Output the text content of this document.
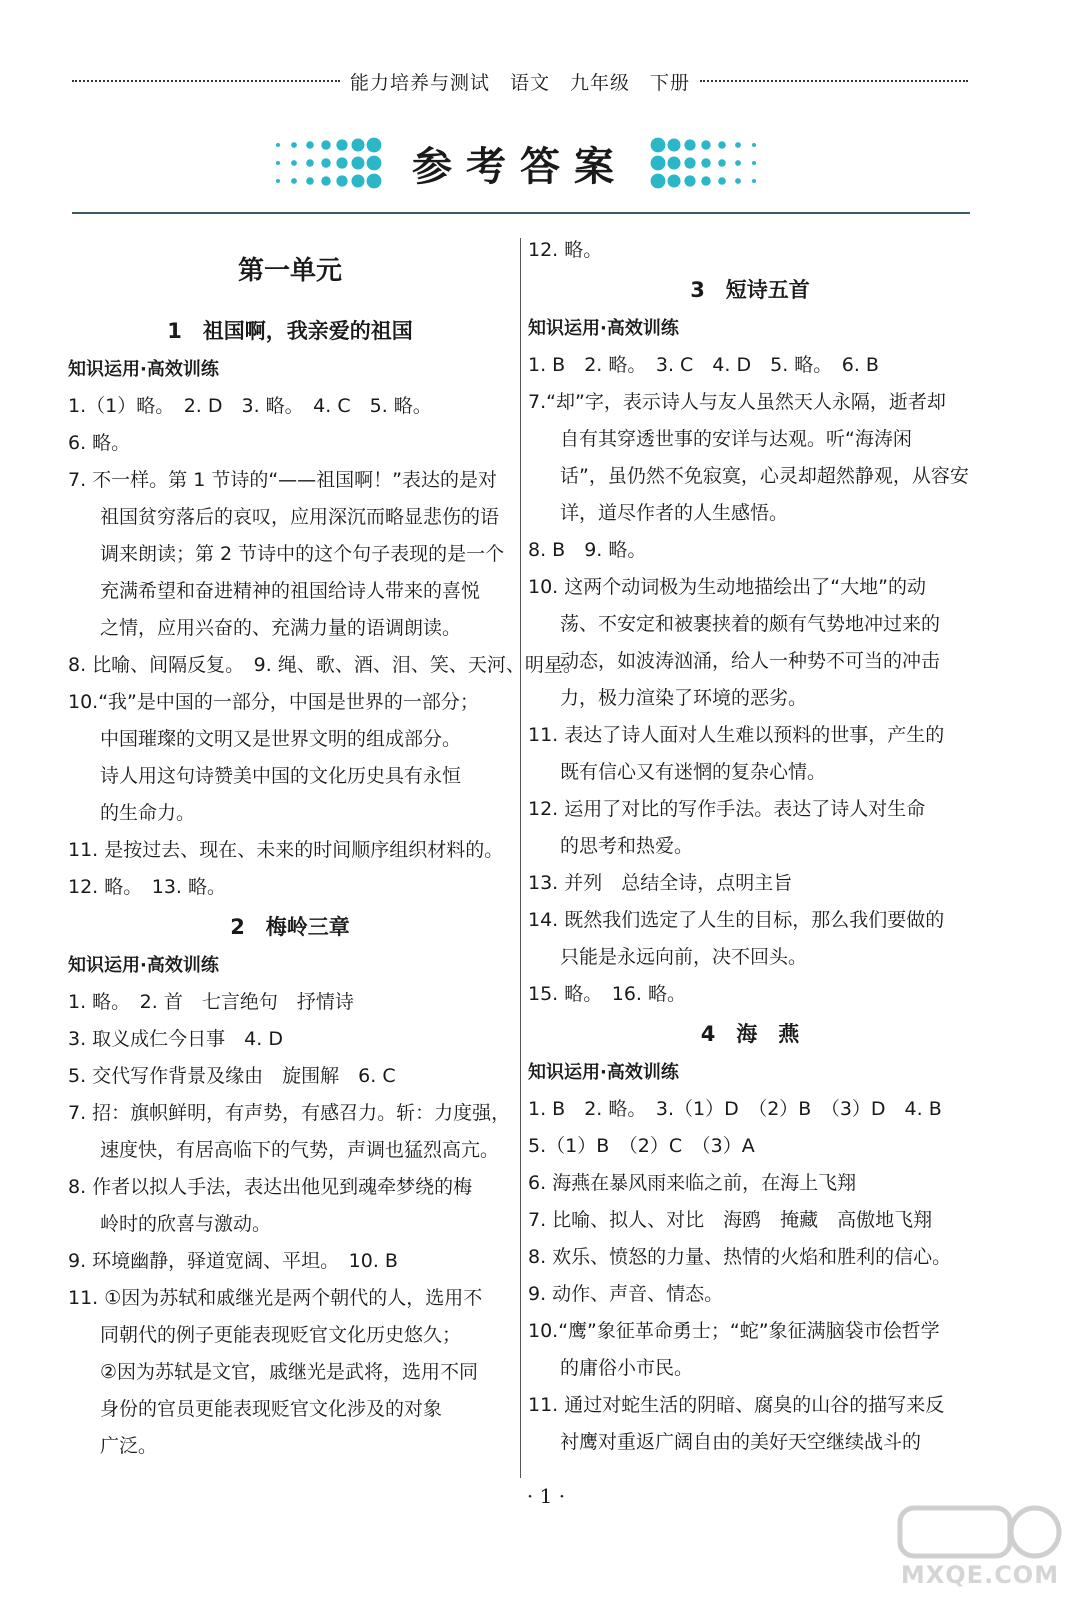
能力培养与测试　语文　九年级　下册
参考答案
第一单元
1　祖国啊，我亲爱的祖国
知识运用·高效训练
1.（1）略。　2. D　3. 略。　4. C　5. 略。
6. 略。
7. 不一样。第 1 节诗的“——祖国啊！”表达的是对
祖国贫穷落后的哀叹，应用深沉而略显悲伤的语
调来朗读；第 2 节诗中的这个句子表现的是一个
充满希望和奋进精神的祖国给诗人带来的喜悦
之情，应用兴奋的、充满力量的语调朗读。
8. 比喻、间隔反复。　9. 绳、歌、酒、泪、笑、天河、明星。
10.“我”是中国的一部分，中国是世界的一部分；
中国璀璨的文明又是世界文明的组成部分。
诗人用这句诗赞美中国的文化历史具有永恒
的生命力。
11. 是按过去、现在、未来的时间顺序组织材料的。
12. 略。　13. 略。
2　梅岭三章
知识运用·高效训练
1. 略。　2. 首　七言绝句　抒情诗
3. 取义成仁今日事　4. D
5. 交代写作背景及缘由　旋围解　6. C
7. 招：旗帜鲜明，有声势，有感召力。斩：力度强，
速度快，有居高临下的气势，声调也猛烈高亢。
8. 作者以拟人手法，表达出他见到魂牵梦绕的梅
岭时的欣喜与激动。
9. 环境幽静，驿道宽阔、平坦。　10. B
11. ①因为苏轼和戚继光是两个朝代的人，选用不
同朝代的例子更能表现贬官文化历史悠久；
②因为苏轼是文官，戚继光是武将，选用不同
身份的官员更能表现贬官文化涉及的对象
广泛。
12. 略。
3　短诗五首
知识运用·高效训练
1. B　2. 略。　3. C　4. D　5. 略。　6. B
7.“却”字，表示诗人与友人虽然天人永隔，逝者却
自有其穿透世事的安详与达观。听“海涛闲
话”，虽仍然不免寂寞，心灵却超然静观，从容安
详，道尽作者的人生感悟。
8. B　9. 略。
10. 这两个动词极为生动地描绘出了“大地”的动
荡、不安定和被裹挟着的颇有气势地冲过来的
动态，如波涛汹涌，给人一种势不可当的冲击
力，极力渲染了环境的恶劣。
11. 表达了诗人面对人生难以预料的世事，产生的
既有信心又有迷惘的复杂心情。
12. 运用了对比的写作手法。表达了诗人对生命
的思考和热爱。
13. 并列　总结全诗，点明主旨
14. 既然我们选定了人生的目标，那么我们要做的
只能是永远向前，决不回头。
15. 略。　16. 略。
4　海　燕
知识运用·高效训练
1. B　2. 略。　3.（1）D　（2）B　（3）D　4. B
5.（1）B　（2）C　（3）A
6. 海燕在暴风雨来临之前，在海上飞翔
7. 比喻、拟人、对比　海鸥　掩藏　高傲地飞翔
8. 欢乐、愤怒的力量、热情的火焰和胜利的信心。
9. 动作、声音、情态。
10.“鹰”象征革命勇士；“蛇”象征满脑袋市侩哲学
的庸俗小市民。
11. 通过对蛇生活的阴暗、腐臭的山谷的描写来反
衬鹰对重返广阔自由的美好天空继续战斗的
· 1 ·
MXQE.COM
